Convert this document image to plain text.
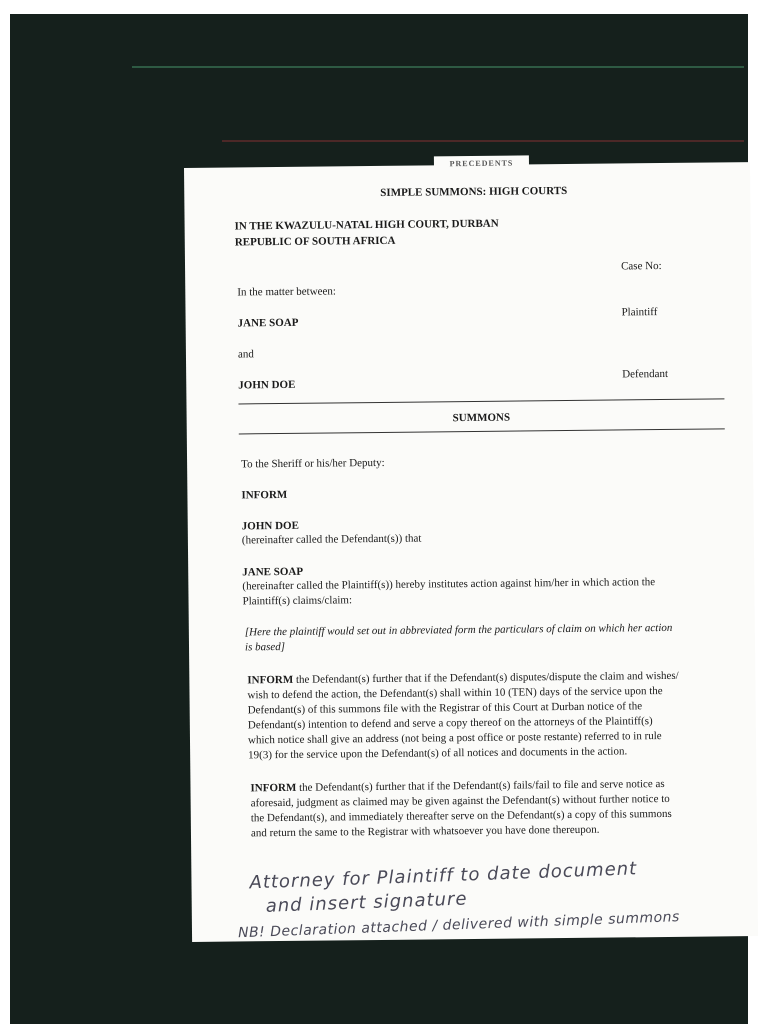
PRECEDENTS
SIMPLE SUMMONS: HIGH COURTS
IN THE KWAZULU-NATAL HIGH COURT, DURBAN
REPUBLIC OF SOUTH AFRICA
Case No:
In the matter between:
JANE SOAP
Plaintiff
and
JOHN DOE
Defendant
SUMMONS
To the Sheriff or his/her Deputy:
INFORM
JOHN DOE
(hereinafter called the Defendant(s)) that
JANE SOAP
(hereinafter called the Plaintiff(s)) hereby institutes action against him/her in which action the
Plaintiff(s) claims/claim:
[Here the plaintiff would set out in abbreviated form the particulars of claim on which her action
is based]
INFORM the Defendant(s) further that if the Defendant(s) disputes/dispute the claim and wishes/
wish to defend the action, the Defendant(s) shall within 10 (TEN) days of the service upon the
Defendant(s) of this summons file with the Registrar of this Court at Durban notice of the
Defendant(s) intention to defend and serve a copy thereof on the attorneys of the Plaintiff(s)
which notice shall give an address (not being a post office or poste restante) referred to in rule
19(3) for the service upon the Defendant(s) of all notices and documents in the action.
INFORM the Defendant(s) further that if the Defendant(s) fails/fail to file and serve notice as
aforesaid, judgment as claimed may be given against the Defendant(s) without further notice to
the Defendant(s), and immediately thereafter serve on the Defendant(s) a copy of this summons
and return the same to the Registrar with whatsoever you have done thereupon.
Attorney for Plaintiff to date document
and insert signature
NB! Declaration attached / delivered with simple summons
